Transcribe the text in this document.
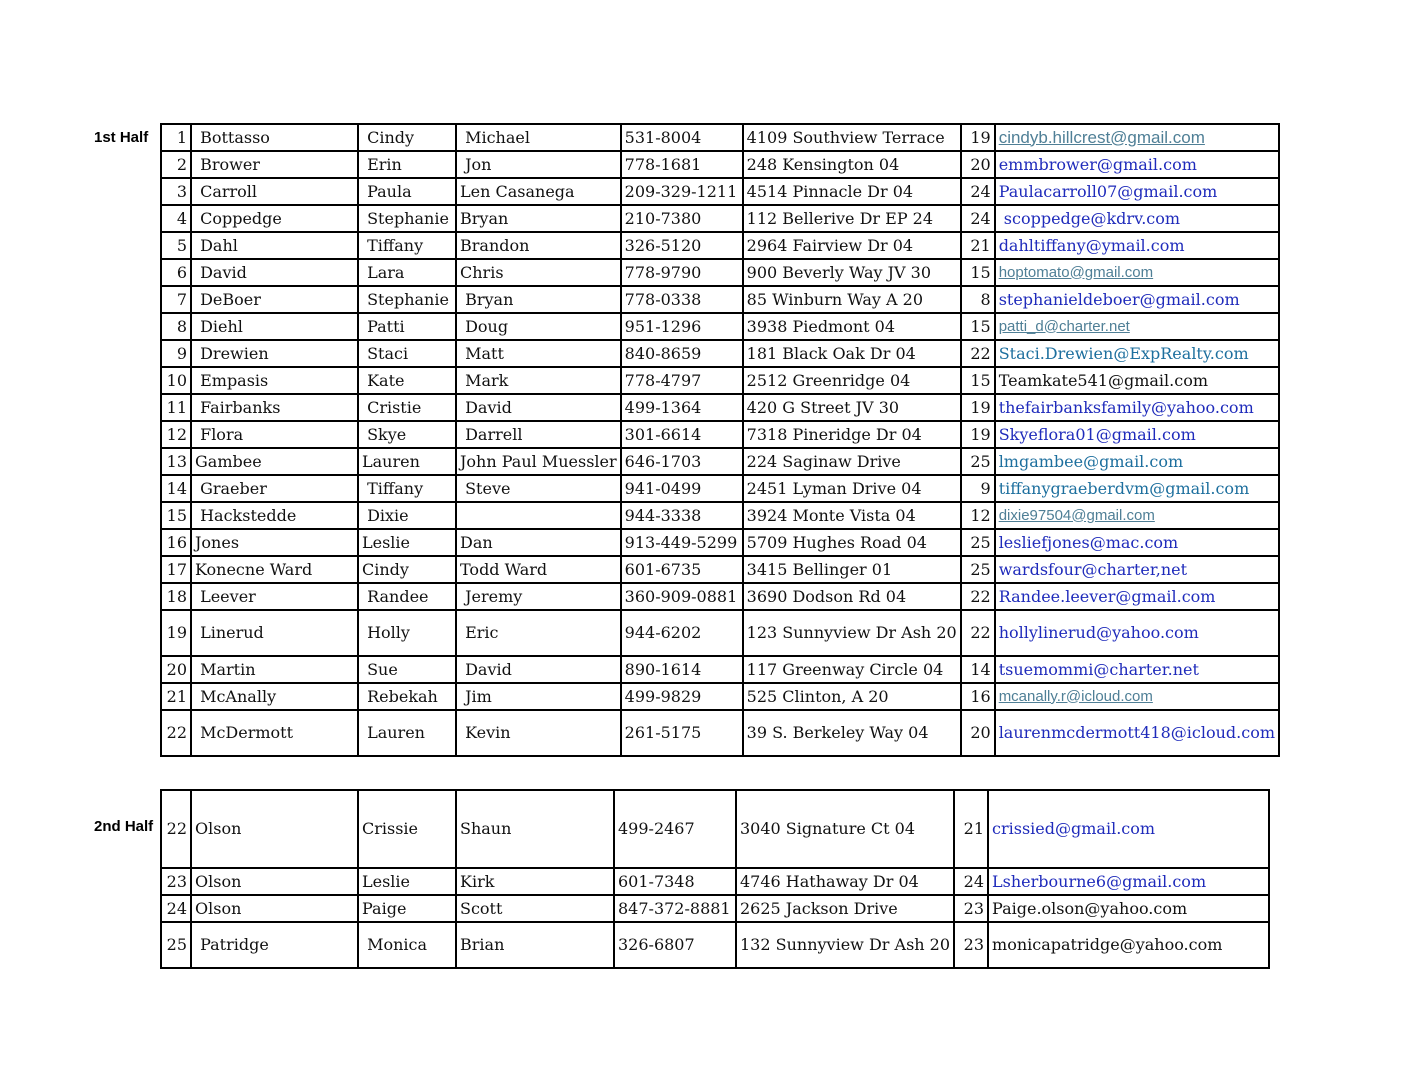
1st Half
2nd Half
1	Bottasso	Cindy	Michael	531-8004	4109 Southview Terrace	19	cindyb.hillcrest@gmail.com
2	Brower	Erin	Jon	778-1681	248 Kensington 04	20	emmbrower@gmail.com
3	Carroll	Paula	Len Casanega	209-329-1211	4514 Pinnacle Dr 04	24	Paulacarroll07@gmail.com
4	Coppedge	Stephanie	Bryan	210-7380	112 Bellerive Dr EP 24	24	scoppedge@kdrv.com
5	Dahl	Tiffany	Brandon	326-5120	2964 Fairview Dr 04	21	dahltiffany@ymail.com
6	David	Lara	Chris	778-9790	900 Beverly Way JV 30	15	hoptomato@gmail.com
7	DeBoer	Stephanie	Bryan	778-0338	85 Winburn Way A 20	8	stephanieldeboer@gmail.com
8	Diehl	Patti	Doug	951-1296	3938 Piedmont 04	15	patti_d@charter.net
9	Drewien	Staci	Matt	840-8659	181 Black Oak Dr 04	22	Staci.Drewien@ExpRealty.com
10	Empasis	Kate	Mark	778-4797	2512 Greenridge 04	15	Teamkate541@gmail.com
11	Fairbanks	Cristie	David	499-1364	420 G Street JV 30	19	thefairbanksfamily@yahoo.com
12	Flora	Skye	Darrell	301-6614	7318 Pineridge Dr 04	19	Skyeflora01@gmail.com
13	Gambee	Lauren	John Paul Muessler	646-1703	224 Saginaw Drive	25	lmgambee@gmail.com
14	Graeber	Tiffany	Steve	941-0499	2451 Lyman Drive 04	9	tiffanygraeberdvm@gmail.com
15	Hackstedde	Dixie		944-3338	3924 Monte Vista 04	12	dixie97504@gmail.com
16	Jones	Leslie	Dan	913-449-5299	5709 Hughes Road 04	25	lesliefjones@mac.com
17	Konecne Ward	Cindy	Todd Ward	601-6735	3415 Bellinger 01	25	wardsfour@charter,net
18	Leever	Randee	Jeremy	360-909-0881	3690 Dodson Rd 04	22	Randee.leever@gmail.com
19	Linerud	Holly	Eric	944-6202	123 Sunnyview Dr Ash 20	22	hollylinerud@yahoo.com
20	Martin	Sue	David	890-1614	117 Greenway Circle 04	14	tsuemommi@charter.net
21	McAnally	Rebekah	Jim	499-9829	525 Clinton, A 20	16	mcanally.r@icloud.com
22	McDermott	Lauren	Kevin	261-5175	39 S. Berkeley Way 04	20	laurenmcdermott418@icloud.com
22	Olson	Crissie	Shaun	499-2467	3040 Signature Ct 04	21	crissied@gmail.com
23	Olson	Leslie	Kirk	601-7348	4746 Hathaway Dr 04	24	Lsherbourne6@gmail.com
24	Olson	Paige	Scott	847-372-8881	2625 Jackson Drive	23	Paige.olson@yahoo.com
25	Patridge	Monica	Brian	326-6807	132 Sunnyview Dr Ash 20	23	monicapatridge@yahoo.com
